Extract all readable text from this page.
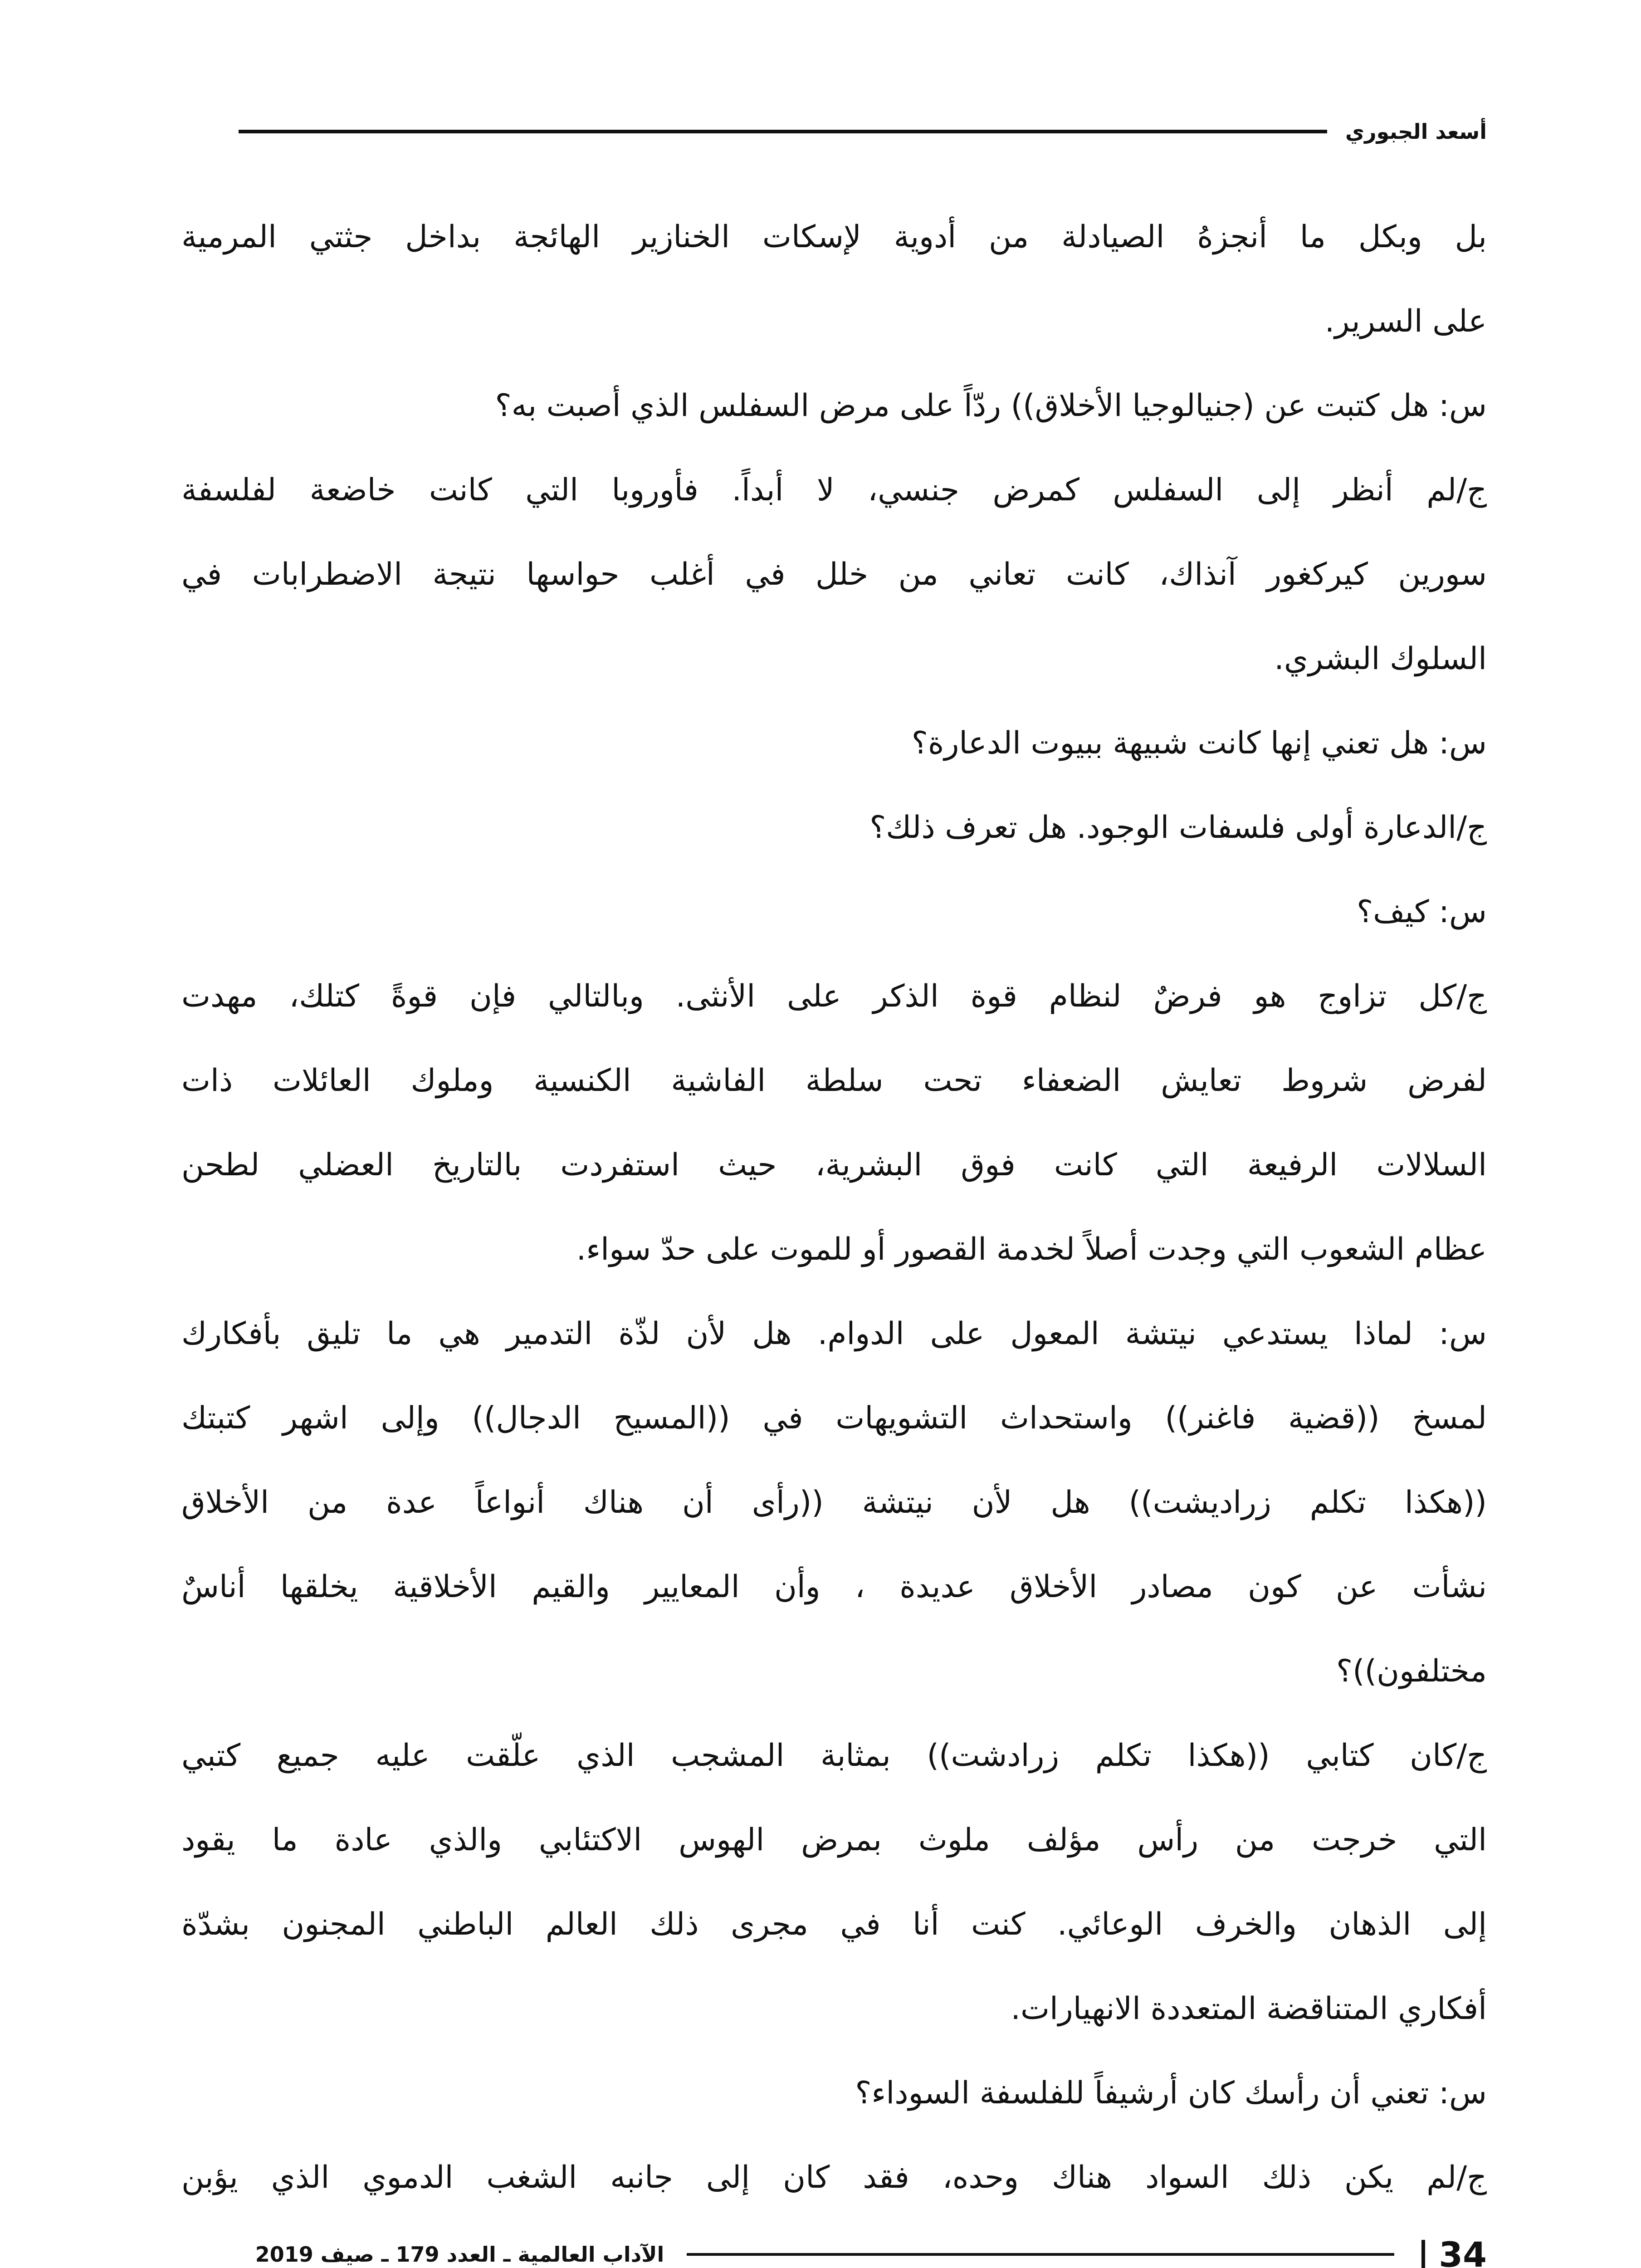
أسعد الجبوري
بل وبكل ما أنجزهُ الصيادلة من أدوية لإسكات الخنازير الهائجة بداخل جثتي المرمية
على السرير.
س: هل كتبت عن (جنيالوجيا الأخلاق)) ردّاً على مرض السفلس الذي أصبت به؟
ج/لم أنظر إلى السفلس كمرض جنسي، لا أبداً. فأوروبا التي كانت خاضعة لفلسفة
سورين كيركغور آنذاك، كانت تعاني من خلل في أغلب حواسها نتيجة الاضطرابات في
السلوك البشري.
س: هل تعني إنها كانت شبيهة ببيوت الدعارة؟
ج/الدعارة أولى فلسفات الوجود. هل تعرف ذلك؟
س: كيف؟
ج/كل تزاوج هو فرضٌ لنظام قوة الذكر على الأنثى. وبالتالي فإن قوةً كتلك، مهدت
لفرض شروط تعايش الضعفاء تحت سلطة الفاشية الكنسية وملوك العائلات ذات
السلالات الرفيعة التي كانت فوق البشرية، حيث استفردت بالتاريخ العضلي لطحن
عظام الشعوب التي وجدت أصلاً لخدمة القصور أو للموت على حدّ سواء.
س: لماذا يستدعي نيتشة المعول على الدوام. هل لأن لذّة التدمير هي ما تليق بأفكارك
لمسخ ((قضية فاغنر)) واستحداث التشويهات في ((المسيح الدجال)) وإلى اشهر كتبتك
((هكذا تكلم زراديشت)) هل لأن نيتشة ((رأى أن هناك أنواعاً عدة من الأخلاق
نشأت عن كون مصادر الأخلاق عديدة ، وأن المعايير والقيم الأخلاقية يخلقها أناسٌ
مختلفون))؟
ج/كان كتابي ((هكذا تكلم زرادشت)) بمثابة المشجب الذي علّقت عليه جميع كتبي
التي خرجت من رأس مؤلف ملوث بمرض الهوس الاكتئابي والذي عادة ما يقود
إلى الذهان والخرف الوعائي. كنت أنا في مجرى ذلك العالم الباطني المجنون بشدّة
أفكاري المتناقضة المتعددة الانهيارات.
س: تعني أن رأسك كان أرشيفاً للفلسفة السوداء؟
ج/لم يكن ذلك السواد هناك وحده، فقد كان إلى جانبه الشغب الدموي الذي يؤبن
34
الآداب العالمية ـ العدد 179 ـ صيف 2019
